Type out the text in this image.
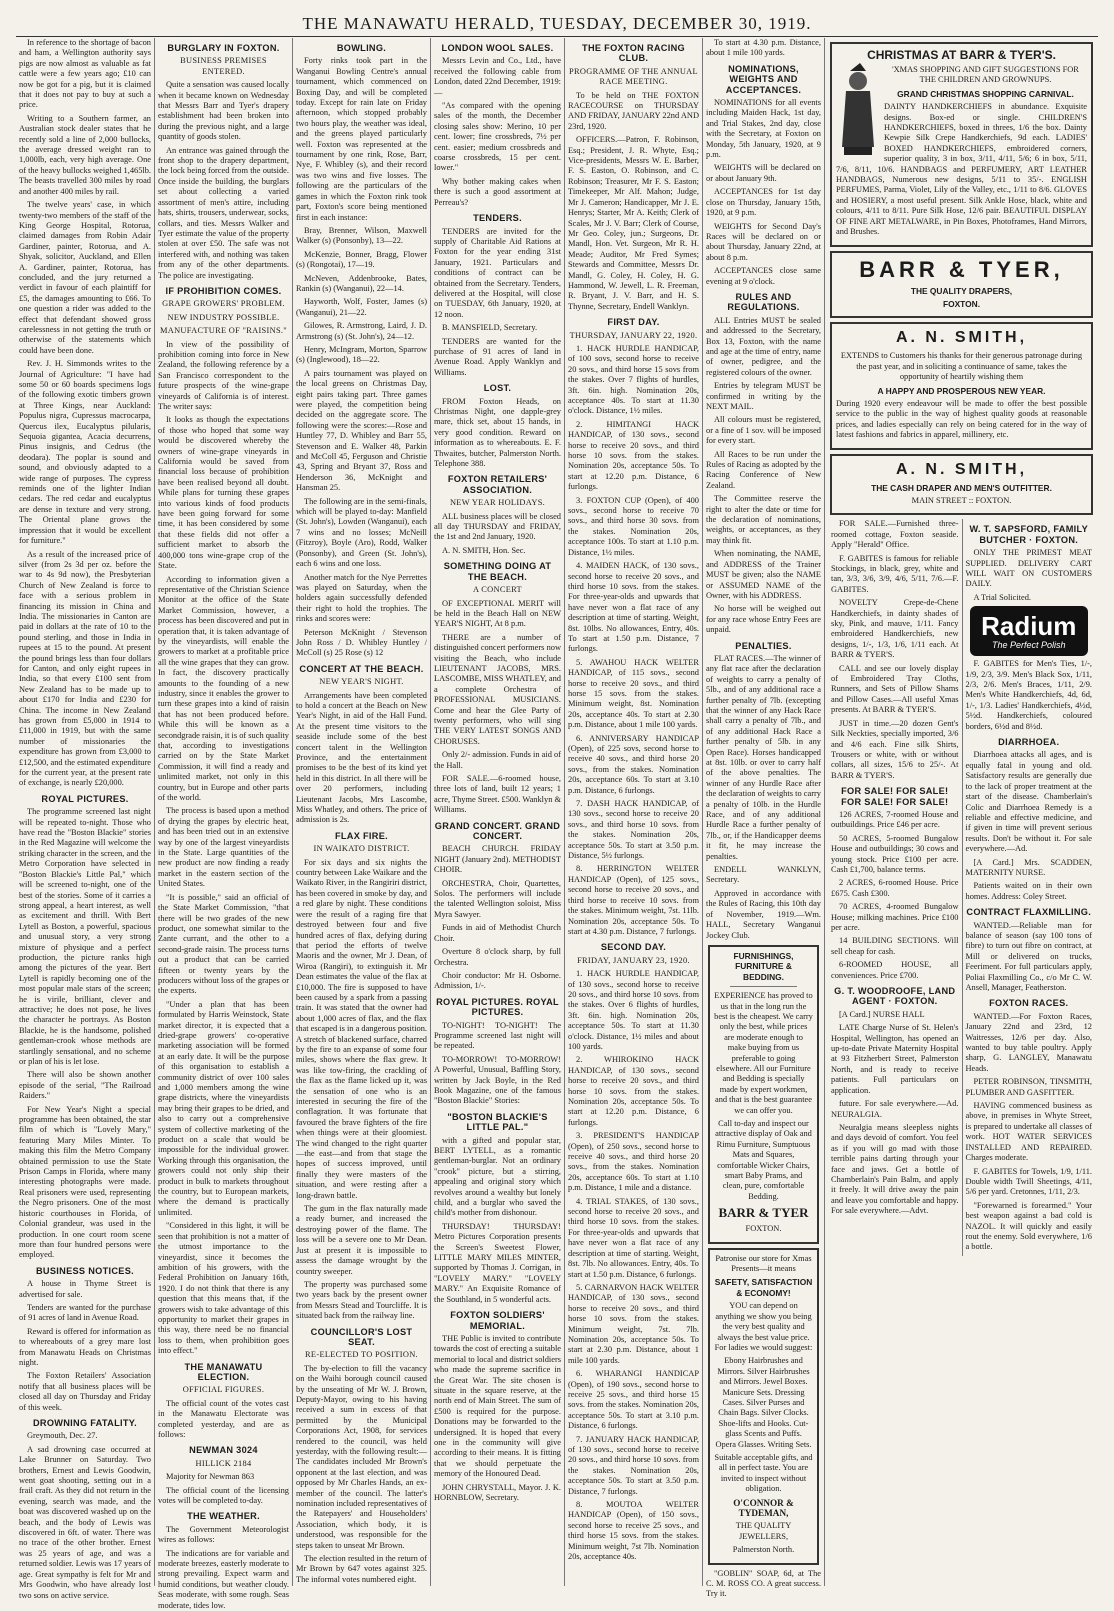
THE MANAWATU HERALD, TUESDAY, DECEMBER 30, 1919.

In reference to the shortage of bacon and ham, a Wellington authority says pigs are now almost as valuable as fat cattle were a few years ago; £10 can now be got for a pig, but it is claimed that it does not pay to buy at such a price.

Writing to a Southern farmer, an Australian stock dealer states that he recently sold a line of 2,000 bullocks, the average dressed weight ran to 1,000lb, each, very high average. One of the heavy bullocks weighed 1,465lb. The beasts travelled 300 miles by road and another 400 miles by rail.

The twelve years' case, in which twenty-two members of the staff of the King George Hospital, Rotorua, claimed damages from Robin Adair Gardiner, painter, Rotorua, and A. Shyak, solicitor, Auckland, and Ellen A. Gardiner, painter, Rotorua, has concluded, and the jury returned a verdict in favour of each plaintiff for £5, the damages amounting to £66. To one question a rider was added to the effect that defendant showed gross carelessness in not getting the truth or otherwise of the statements which could have been done.

Rev. J. H. Simmonds writes to the Journal of Agriculture: "I have had some 50 or 60 boards specimens logs of the following exotic timbers grown at Three Kings, near Auckland: Populus nigra, Cupressus macrocarpa, Quercus ilex, Eucalyptus pilularis, Sequoia gigantea, Acacia decurrens, Pinus insignis, and Cedrus (the deodara). The poplar is sound and sound, and obviously adapted to a wide range of purposes. The cypress reminds one of the lighter Indian cedars. The red cedar and eucalyptus are dense in texture and very strong. The Oriental plane grows the impression that it would be excellent for furniture."

As a result of the increased price of silver (from 2s 3d per oz. before the war to 4s 9d now), the Presbyterian Church of New Zealand is force to face with a serious problem in financing its mission in China and India. The missionaries in Canton are paid in dollars at the rate of 10 to the pound sterling, and those in India in rupees at 15 to the pound. At present the pound brings less than four dollars for Canton, and only eight rupees in India, so that every £100 sent from New Zealand has to be made up to about £170 for India and £230 for China. The income in New Zealand has grown from £5,000 in 1914 to £11,000 in 1919, but with the same number of missionaries the expenditure has grown from £3,000 to £12,500, and the estimated expenditure for the current year, at the present rate of exchange, is nearly £20,000.

ROYAL PICTURES.

The programme screened last night will be repeated to-night. Those who have read the "Boston Blackie" stories in the Red Magazine will welcome the striking character in the screen, and the Metro Corporation have selected in "Boston Blackie's Little Pal," which will be screened to-night, one of the best of the stories. Some of it carries a strong appeal, a heart interest, as well as excitement and thrill. With Bert Lytell as Boston, a powerful, spacious and unusual story, a very strong mixture of physique and a perfect production, the picture ranks high among the pictures of the year. Bert Lytell is rapidly becoming one of the most popular male stars of the screen; he is virile, brilliant, clever and attractive; he does not pose, he lives the character he portrays. As Boston Blackie, he is the handsome, polished gentleman-crook whose methods are startlingly sensational, and no scheme or plan of his is let lose.

There will also be shown another episode of the serial, "The Railroad Raiders."

For New Year's Night a special programme has been obtained, the star film of which is "Lovely Mary," featuring Mary Miles Minter. To making this film the Metro Company obtained permission to use the State Prison Camps in Florida, where many interesting photographs were made. Real prisoners were used, representing the Negro prisoners. One of the most historic courthouses in Florida, of Colonial grandeur, was used in the production. In one court room scene more than four hundred persons were employed.

BUSINESS NOTICES.

A house in Thyme Street is advertised for sale.

Tenders are wanted for the purchase of 91 acres of land in Avenue Road.

Reward is offered for information as to whereabouts of a grey mare lost from Manawatu Heads on Christmas night.

The Foxton Retailers' Association notify that all business places will be closed all day on Thursday and Friday of this week.

DROWNING FATALITY.

Greymouth, Dec. 27.

A sad drowning case occurred at Lake Brunner on Saturday. Two brothers, Ernest and Lewis Goodwin, went goat shooting, setting out in a frail craft. As they did not return in the evening, search was made, and the boat was discovered washed up on the beach, and the body of Lewis was discovered in 6ft. of water. There was no trace of the other brother. Ernest was 25 years of age, and was a returned soldier. Lewis was 17 years of age. Great sympathy is felt for Mr and Mrs Goodwin, who have already lost two sons on active service.

BURGLARY IN FOXTON.
BUSINESS PREMISES ENTERED.

Quite a sensation was caused locally when it became known on Wednesday that Messrs Barr and Tyer's drapery establishment had been broken into during the previous night, and a large quantity of goods stolen.

An entrance was gained through the front shop to the drapery department, the lock being forced from the outside. Once inside the building, the burglars set about collecting a varied assortment of men's attire, including hats, shirts, trousers, underwear, socks, collars, and ties. Messrs Walker and Tyer estimate the value of the property stolen at over £50. The safe was not interfered with, and nothing was taken from any of the other departments. The police are investigating.

IF PROHIBITION COMES.
GRAPE GROWERS' PROBLEM.
NEW INDUSTRY POSSIBLE.
MANUFACTURE OF "RAISINS."

In view of the possibility of prohibition coming into force in New Zealand, the following reference by a San Francisco correspondent to the future prospects of the wine-grape vineyards of California is of interest. The writer says:

It looks as though the expectations of those who hoped that some way would be discovered whereby the owners of wine-grape vineyards in California would be saved from financial loss because of prohibition have been realised beyond all doubt. While plans for turning these grapes into various kinds of food products have been going forward for some time, it has been considered by some that these fields did not offer a sufficient market to absorb the 400,000 tons wine-grape crop of the State.

According to information given a representative of the Christian Science Monitor at the office of the State Market Commission, however, a process has been discovered and put in operation that, it is taken advantage of by the vineyardists, will enable the growers to market at a profitable price all the wine grapes that they can grow. In fact, the discovery practically amounts to the founding of a new industry, since it enables the grower to turn these grapes into a kind of raisin that has not been produced before. While this will be known as a secondgrade raisin, it is of such quality that, according to investigations carried on by the State Market Commission, it will find a ready and unlimited market, not only in this country, but in Europe and other parts of the world.

The process is based upon a method of drying the grapes by electric heat, and has been tried out in an extensive way by one of the largest vineyardists in the State. Large quantities of the new product are now finding a ready market in the eastern section of the United States.

"It is possible," said an official of the State Market Commission, "that there will be two grades of the new product, one somewhat similar to the Zante currant, and the other to a second-grade raisin. The process turns out a product that can be carried fifteen or twenty years by the producers without loss of the grapes or the experts.

"Under a plan that has been formulated by Harris Weinstock, State market director, it is expected that a dried-grape growers' co-operative marketing association will be formed at an early date. It will be the purpose of this organisation to establish a community district of over 100 sales and 1,000 members among the wine grape districts, where the vineyardists may bring their grapes to be dried, and also to carry out a comprehensive system of collective marketing of the product on a scale that would be impossible for the individual grower. Working through this organisation, the growers could not only ship their product in bulk to markets throughout the country, but to European markets, where the demand is practically unlimited.

"Considered in this light, it will be seen that prohibition is not a matter of the utmost importance to the vineyardist, since it becomes the ambition of his growers, with the Federal Prohibition on January 16th, 1920. I do not think that there is any question that this means that, if the growers wish to take advantage of this opportunity to market their grapes in this way, there need be no financial loss to them, when prohibition goes into effect."

THE MANAWATU ELECTION.
OFFICIAL FIGURES.

The official count of the votes cast in the Manawatu Electorate was completed yesterday, and are as follows:

NEWMAN 3024
HILLICK 2184

Majority for Newman 863

The official count of the licensing votes will be completed to-day.

THE WEATHER.

The Government Meteorologist wires as follows:

The indications are for variable and moderate breezes, easterly moderate to strong prevailing. Expect warm and humid conditions, but weather cloudy. Seas moderate, with some rough. Seas moderate, tides low.

BOWLING.

Forty rinks took part in the Wanganui Bowling Centre's annual tournament, which commenced on Boxing Day, and will be completed today. Except for rain late on Friday afternoon, which stopped probably two hours play, the weather was ideal, and the greens played particularly well. Foxton was represented at the tournament by one rink, Rose, Barr, Nye, F. Whibley (s), and their record was two wins and five losses. The following are the particulars of the games in which the Foxton rink took part, Foxton's score being mentioned first in each instance:

Bray, Brenner, Wilson, Maxwell Walker (s) (Ponsonby), 13—22.

McKenzie, Bonner, Bragg, Flower (s) (Rongotai), 17—19.

McNeven, Addenbrooke, Bates, Rankin (s) (Wanganui), 22—14.

Hayworth, Wolf, Foster, James (s) (Wanganui), 21—22.

Gilowes, R. Armstrong, Laird, J. D. Armstrong (s) (St. John's), 24—12.

Henry, McIngram, Morton, Sparrow (s) (Inglewood), 18—22.

A pairs tournament was played on the local greens on Christmas Day, eight pairs taking part. Three games were played, the competition being decided on the aggregate score. The following were the scores:—Rose and Huntley 77, D. Whibley and Barr 55, Stevenson and E. Walker 48, Parkin and McColl 45, Ferguson and Christie 43, Spring and Bryant 37, Ross and Henderson 36, McKnight and Hansman 25.

The following are in the semi-finals, which will be played to-day: Manfield (St. John's), Lowden (Wanganui), each 7 wins and no losses; McNeill (Fitzroy), Boyle (Aro), Rodd, Walker (Ponsonby), and Green (St. John's), each 6 wins and one loss.

Another match for the Nye Perrettes was played on Saturday, when the holders again successfully defended their right to hold the trophies. The rinks and scores were:

Peterson McKnight / Stevenson John Ross / D. Whibley Huntley / McColl (s) 25 Rose (s) 12

CONCERT AT THE BEACH.
NEW YEAR'S NIGHT.

Arrangements have been completed to hold a concert at the Beach on New Year's Night, in aid of the Hall Fund. At the present time visitors to the seaside include some of the best concert talent in the Wellington Province, and the entertainment promises to be the best of its kind yet held in this district. In all there will be over 20 performers, including Lieutenant Jacobs, Mrs Lascombe, Miss Whatley, and others. The price of admission is 2s.

FLAX FIRE.
IN WAIKATO DISTRICT.

For six days and six nights the country between Lake Waikare and the Waikato River, in the Rangiriri district, has been covered in smoke by day, and a red glare by night. These conditions were the result of a raging fire that destroyed between four and five hundred acres of flax, defying during that period the efforts of twelve Maoris and the owner, Mr J. Dean, of Wiroa (Rangiri), to extinguish it. Mr Dean estimates the value of the flax at £10,000. The fire is supposed to have been caused by a spark from a passing train. It was stated that the owner had about 1,000 acres of flax, and the flax that escaped is in a dangerous position. A stretch of blackened surface, charred by the fire to an expanse of some four miles, shows where the flax grew. It was like tow-firing, the crackling of the flax as the flame licked up it, was the sensation of one who is an interested in securing the fire of the conflagration. It was fortunate that favoured the brave fighters of the fire when things were at their gloomiest. The wind changed to the right quarter—the east—and from that stage the hopes of success improved, until finally they were masters of the situation, and were resting after a long-drawn battle.

The gum in the flax naturally made a ready burner, and increased the destroying power of the flame. The loss will be a severe one to Mr Dean. Just at present it is impossible to assess the damage wrought by the country sweeper.

The property was purchased some two years back by the present owner from Messrs Stead and Tourcliffe. It is situated back from the railway line.

COUNCILLOR'S LOST SEAT.
RE-ELECTED TO POSITION.

The by-election to fill the vacancy on the Waihi borough council caused by the unseating of Mr W. J. Brown, Deputy-Mayor, owing to his having received a sum in excess of that permitted by the Municipal Corporations Act, 1908, for services rendered to the council, was held yesterday, with the following result:—The candidates included Mr Brown's opponent at the last election, and was opposed by Mr Charles Hands, an ex-member of the council. The latter's nomination included representatives of the Ratepayers' and Householders' Association, which body, it is understood, was responsible for the steps taken to unseat Mr Brown.

The election resulted in the return of Mr Brown by 647 votes against 325. The informal votes numbered eight.

LONDON WOOL SALES.

Messrs Levin and Co., Ltd., have received the following cable from London, dated 22nd December, 1919:—

"As compared with the opening sales of the month, the December closing sales show: Merino, 10 per cent. lower; fine crossbreds, 7½ per cent. easier; medium crossbreds and coarse crossbreds, 15 per cent. lower."

Why bother making cakes when there is such a good assortment at Perreau's?

TENDERS.

TENDERS are invited for the supply of Charitable Aid Rations at Foxton for the year ending 31st January, 1921. Particulars and conditions of contract can be obtained from the Secretary. Tenders, delivered at the Hospital, will close on TUESDAY, 6th January, 1920, at 12 noon.

B. MANSFIELD, Secretary.

TENDERS are wanted for the purchase of 91 acres of land in Avenue Road. Apply Wanklyn and Williams.

LOST.

FROM Foxton Heads, on Christmas Night, one dapple-grey mare, thick set, about 15 hands, in very good condition. Reward on information as to whereabouts. E. F. Thwaites, butcher, Palmerston North. Telephone 388.

FOXTON RETAILERS' ASSOCIATION.
NEW YEAR HOLIDAYS.

ALL business places will be closed all day THURSDAY and FRIDAY, the 1st and 2nd January, 1920.

A. N. SMITH, Hon. Sec.

SOMETHING DOING AT THE BEACH.
A CONCERT

OF EXCEPTIONAL MERIT will be held in the Beach Hall on NEW YEAR'S NIGHT, At 8 p.m.

THERE are a number of distinguished concert performers now visiting the Beach, who include LIEUTENANT JACOBS, MRS. LASCOMBE, MISS WHATLEY, and a complete Orchestra of PROFESSIONAL MUSICIANS. Come and hear the Glee Party of twenty performers, who will sing THE VERY LATEST SONGS AND CHORUSES.

Only 2/- admission. Funds in aid of the Hall.

FOR SALE.—6-roomed house, three lots of land, built 12 years; 1 acre, Thyme Street. £500. Wanklyn & Williams.

GRAND CONCERT. GRAND CONCERT.

BEACH CHURCH. FRIDAY NIGHT (January 2nd). METHODIST CHOIR.

ORCHESTRA, Choir, Quartettes, Solos. The performers will include the talented Wellington soloist, Miss Myra Sawyer.

Funds in aid of Methodist Church Choir.

Overture 8 o'clock sharp, by full Orchestra.

Choir conductor: Mr H. Osborne. Admission, 1/-.

ROYAL PICTURES. ROYAL PICTURES.

TO-NIGHT! TO-NIGHT! The Programme screened last night will be repeated.

TO-MORROW! TO-MORROW! A Powerful, Unusual, Baffling Story, written by Jack Boyle, in the Red Book Magazine, one of the famous "Boston Blackie" Stories:

"BOSTON BLACKIE'S LITTLE PAL."

with a gifted and popular star, BERT LYTELL, as a romantic gentleman-burglar. Not an ordinary "crook" picture, but a stirring, appealing and original story which revolves around a wealthy but lonely child, and a burglar who saved the child's mother from dishonour.

THURSDAY! THURSDAY! Metro Pictures Corporation presents the Screen's Sweetest Flower, LITTLE MARY MILES MINTER, supported by Thomas J. Corrigan, in "LOVELY MARY." "LOVELY MARY." An Exquisite Romance of the Southland, in 5 wonderful acts.

FOXTON SOLDIERS' MEMORIAL.

THE Public is invited to contribute towards the cost of erecting a suitable memorial to local and district soldiers who made the supreme sacrifice in the Great War. The site chosen is situate in the square reserve, at the north end of Main Street. The sum of £500 is required for the purpose. Donations may be forwarded to the undersigned. It is hoped that every one in the community will give according to their means. It is fitting that we should perpetuate the memory of the Honoured Dead.

JOHN CHRYSTALL, Mayor. J. K. HORNBLOW, Secretary.

THE FOXTON RACING CLUB.
PROGRAMME OF THE ANNUAL RACE MEETING.

To be held on THE FOXTON RACECOURSE on THURSDAY AND FRIDAY, JANUARY 22nd AND 23rd, 1920.

OFFICERS.—Patron, F. Robinson, Esq.; President, J. R. Whyte, Esq.; Vice-presidents, Messrs W. E. Barber, F. S. Easton, O. Robinson, and C. Robinson; Treasurer, Mr F. S. Easton; Timekeeper, Mr Alf. Mahon; Judge, Mr J. Cameron; Handicapper, Mr J. E. Henrys; Starter, Mr A. Keith; Clerk of Scales, Mr J. V. Barr; Clerk of Course, Mr Geo. Coley, jun.; Surgeons, Dr. Mandl, Hon. Vet. Surgeon, Mr R. H. Meade; Auditor, Mr Fred Symes; Stewards and Committee, Messrs Dr. Mandl, G. Coley, H. Coley, H. G. Hammond, W. Jewell, L. R. Freeman, R. Bryant, J. V. Barr, and H. S. Thynne, Secretary, Endell Wanklyn.

FIRST DAY.
THURSDAY, JANUARY 22, 1920.

1. HACK HURDLE HANDICAP, of 100 sovs, second horse to receive 20 sovs., and third horse 15 sovs from the stakes. Over 7 flights of hurdles, 3ft. 6in. high. Nomination 20s, acceptance 40s. To start at 11.30 o'clock. Distance, 1½ miles.

2. HIMITANGI HACK HANDICAP, of 130 sovs., second horse to receive 20 sovs., and third horse 10 sovs. from the stakes. Nomination 20s, acceptance 50s. To start at 12.20 p.m. Distance, 6 furlongs.

3. FOXTON CUP (Open), of 400 sovs., second horse to receive 70 sovs., and third horse 30 sovs. from the stakes. Nomination 20s, acceptance 100s. To start at 1.10 p.m. Distance, 1½ miles.

4. MAIDEN HACK, of 130 sovs., second horse to receive 20 sovs., and third horse 10 sovs. from the stakes. For three-year-olds and upwards that have never won a flat race of any description at time of starting. Weight, 8st. 10lbs. No allowances, Entry, 40s. To start at 1.50 p.m. Distance, 7 furlongs.

5. AWAHOU HACK WELTER HANDICAP, of 115 sovs., second horse to receive 20 sovs., and third horse 15 sovs. from the stakes. Minimum weight, 8st. Nomination 20s, acceptance 40s. To start at 2.30 p.m. Distance, about 1 mile 100 yards.

6. ANNIVERSARY HANDICAP (Open), of 225 sovs, second horse to receive 40 sovs., and third horse 20 sovs., from the stakes. Nomination 20s, acceptance 60s. To start at 3.10 p.m. Distance, 6 furlongs.

7. DASH HACK HANDICAP, of 130 sovs., second horse to receive 20 sovs., and third horse 10 sovs. from the stakes. Nomination 20s, acceptance 50s. To start at 3.50 p.m. Distance, 5½ furlongs.

8. HERRINGTON WELTER HANDICAP (Open), of 125 sovs., second horse to receive 20 sovs., and third horse to receive 10 sovs. from the stakes. Minimum weight, 7st. 11lb. Nomination 20s, acceptance 50s. To start at 4.30 p.m. Distance, 7 furlongs.

SECOND DAY.
FRIDAY, JANUARY 23, 1920.

1. HACK HURDLE HANDICAP, of 130 sovs., second horse to receive 20 sovs., and third horse 10 sovs. from the stakes. Over 6 flights of hurdles, 3ft. 6in. high. Nomination 20s, acceptance 50s. To start at 11.30 o'clock. Distance, 1½ miles and about 100 yards.

2. WHIROKINO HACK HANDICAP, of 130 sovs., second horse to receive 20 sovs., and third horse 10 sovs. from the stakes. Nomination 20s, acceptance 50s. To start at 12.20 p.m. Distance, 6 furlongs.

3. PRESIDENT'S HANDICAP (Open), of 250 sovs., second horse to receive 40 sovs., and third horse 20 sovs., from the stakes. Nomination 20s, acceptance 60s. To start at 1.10 p.m. Distance, 1 mile and a distance.

4. TRIAL STAKES, of 130 sovs., second horse to receive 20 sovs., and third horse 10 sovs. from the stakes. For three-year-olds and upwards that have never won a flat race of any description at time of starting. Weight, 8st. 7lb. No allowances. Entry, 40s. To start at 1.50 p.m. Distance, 6 furlongs.

5. CARNARVON HACK WELTER HANDICAP, of 130 sovs., second horse to receive 20 sovs., and third horse 10 sovs. from the stakes. Minimum weight, 7st. 7lb. Nomination 20s, acceptance 50s. To start at 2.30 p.m. Distance, about 1 mile 100 yards.

6. WHARANGI HANDICAP (Open), of 190 sovs., second horse to receive 25 sovs., and third horse 15 sovs. from the stakes. Nomination 20s, acceptance 50s. To start at 3.10 p.m. Distance, 6 furlongs.

7. JANUARY HACK HANDICAP, of 130 sovs., second horse to receive 20 sovs., and third horse 10 sovs. from the stakes. Nomination 20s, acceptance 50s. To start at 3.50 p.m. Distance, 7 furlongs.

8. MOUTOA WELTER HANDICAP (Open), of 150 sovs., second horse to receive 25 sovs., and third horse 15 sovs. from the stakes. Minimum weight, 7st 7lb. Nomination 20s, acceptance 40s.

To start at 4.30 p.m. Distance, about 1 mile 100 yards.

NOMINATIONS, WEIGHTS AND ACCEPTANCES.

NOMINATIONS for all events including Maiden Hack, 1st day, and Trial Stakes, 2nd day, close with the Secretary, at Foxton on Monday, 5th January, 1920, at 9 p.m.

WEIGHTS will be declared on or about January 9th.

ACCEPTANCES for 1st day close on Thursday, January 15th, 1920, at 9 p.m.

WEIGHTS for Second Day's Races will be declared on or about Thursday, January 22nd, at about 8 p.m.

ACCEPTANCES close same evening at 9 o'clock.

RULES AND REGULATIONS.

ALL Entries MUST be sealed and addressed to the Secretary, Box 13, Foxton, with the name and age at the time of entry, name of owner, pedigree, and the registered colours of the owner.

Entries by telegram MUST be confirmed in writing by the NEXT MAIL.

All colours must be registered, or a fine of 1 sov. will be imposed for every start.

All Races to be run under the Rules of Racing as adopted by the Racing Conference of New Zealand.

The Committee reserve the right to alter the date or time for the declaration of nominations, weights, or acceptances, as they may think fit.

When nominating, the NAME, and ADDRESS of the Trainer MUST be given; also the NAME or ASSUMED NAME of the Owner, with his ADDRESS.

No horse will be weighed out for any race whose Entry Fees are unpaid.

PENALTIES.

FLAT RACES.—The winner of any flat race after the declaration of weights to carry a penalty of 5lb., and of any additional race a further penalty of 7lb. (excepting that the winner of any Hack Race shall carry a penalty of 7lb., and of any additional Hack Race a further penalty of 5lb. in any Open Race). Horses handicapped at 8st. 10lb. or over to carry half of the above penalties. The winner of any Hurdle Race after the declaration of weights to carry a penalty of 10lb. in the Hurdle Race, and of any additional Hurdle Race a further penalty of 7lb., or, if the Handicapper deems it fit, he may increase the penalties.

ENDELL WANKLYN, Secretary.

Approved in accordance with the Rules of Racing, this 10th day of November, 1919.—Wm. HALL, Secretary Wanganui Jockey Club.

FURNISHINGS, FURNITURE & BEDDING.

EXPERIENCE has proved to us that in the long run the best is the cheapest. We carry only the best, while prices are moderate enough to make buying from us preferable to going elsewhere. All our Furniture and Bedding is specially made by expert workmen, and that is the best guarantee we can offer you.

Call to-day and inspect our attractive display of Oak and Rimu Furniture, Sumptuous Mats and Squares, comfortable Wicker Chairs, smart Baby Prams, and clean, pure, comfortable Bedding.

BARR & TYER

FOXTON.

Patronise our store for Xmas Presents—it means

SAFETY, SATISFACTION & ECONOMY!

YOU can depend on anything we show you being the very best quality and always the best value price. For ladies we would suggest:

Ebony Hairbrushes and Mirrors. Silver Hairbrushes and Mirrors. Jewel Boxes. Manicure Sets. Dressing Cases. Silver Purses and Chain Bags. Silver Clocks. Shoe-lifts and Hooks. Cut-glass Scents and Puffs. Opera Glasses. Writing Sets.

Suitable acceptable gifts, and all in perfect taste. You are invited to inspect without obligation.

O'CONNOR & TYDEMAN,

THE QUALITY JEWELLERS,

Palmerston North.

"GOBLIN" SOAP, 6d, at The C. M. ROSS CO. A great success. Try it.

CHRISTMAS AT BARR & TYER'S.

'XMAS SHOPPING AND GIFT SUGGESTIONS FOR THE CHILDREN AND GROWNUPS.

GRAND CHRISTMAS SHOPPING CARNIVAL.

DAINTY HANDKERCHIEFS in abundance. Exquisite designs. Box-ed or single. CHILDREN'S HANDKERCHIEFS, boxed in threes, 1/6 the box. Dainty Kewpie Silk Crepe Handkerchiefs, 9d each. LADIES' BOXED HANDKERCHIEFS, embroidered corners, superior quality, 3 in box, 3/11, 4/11, 5/6; 6 in box, 5/11, 7/6, 8/11, 10/6. HANDBAGS and PERFUMERY, ART LEATHER HANDBAGS, Numerous new designs, 5/11 to 35/-. ENGLISH PERFUMES, Parma, Violet, Lily of the Valley, etc., 1/11 to 8/6. GLOVES and HOSIERY, a most useful present. Silk Ankle Hose, black, white and colours, 4/11 to 8/11. Pure Silk Hose, 12/6 pair. BEAUTIFUL DISPLAY OF FINE ART METALWARE, in Pin Boxes, Photoframes, Hand Mirrors, and Brushes.

BARR & TYER,

THE QUALITY DRAPERS,

FOXTON.

A. N. SMITH,

EXTENDS to Customers his thanks for their generous patronage during the past year, and in soliciting a continuance of same, takes the opportunity of heartily wishing them

A HAPPY AND PROSPEROUS NEW YEAR.

During 1920 every endeavour will be made to offer the best possible service to the public in the way of highest quality goods at reasonable prices, and ladies especially can rely on being catered for in the way of latest fashions and fabrics in apparel, millinery, etc.

A. N. SMITH,

THE CASH DRAPER AND MEN'S OUTFITTER.

MAIN STREET :: FOXTON.

FOR SALE.—Furnished three-roomed cottage, Foxton seaside. Apply "Herald" Office.

F. GABITES is famous for reliable Stockings, in black, grey, white and tan, 3/3, 3/6, 3/9, 4/6, 5/11, 7/6.—F. GABITES.

NOVELTY Crepe-de-Chene Handkerchiefs, in dainty shades of sky, Pink, and mauve, 1/11. Fancy embroidered Handkerchiefs, new designs, 1/-, 1/3, 1/6, 1/11 each. At BARR & TYER'S.

CALL and see our lovely display of Embroidered Tray Cloths, Runners, and Sets of Pillow Shams and Pillow Cases.—All useful Xmas presents. At BARR & TYER'S.

JUST in time.—20 dozen Gent's Silk Neckties, specially imported, 3/6 and 4/6 each. Fine silk Shirts, Trousers or white, with or without collars, all sizes, 15/6 to 25/-. At BARR & TYER'S.

FOR SALE! FOR SALE! FOR SALE! FOR SALE!

126 ACRES, 7-roomed House and outbuildings. Price £46 per acre.

50 ACRES, 5-roomed Bungalow House and outbuildings; 30 cows and young stock. Price £100 per acre. Cash £1,700, balance terms.

2 ACRES, 6-roomed House. Price £675. Cash £300.

70 ACRES, 4-roomed Bungalow House; milking machines. Price £100 per acre.

14 BUILDING SECTIONS. Will sell cheap for cash.

6-ROOMED HOUSE, all conveniences. Price £700.

G. T. WOODROOFE, LAND AGENT · FOXTON.

[A Card.] NURSE HALL

LATE Charge Nurse of St. Helen's Hospital, Wellington, has opened an up-to-date Private Maternity Hospital at 93 Fitzherbert Street, Palmerston North, and is ready to receive patients. Full particulars on application.

future. For sale everywhere.—Ad. NEURALGIA.

Neuralgia means sleepless nights and days devoid of comfort. You feel as if you will go mad with those terrible pains darting through your face and jaws. Get a bottle of Chamberlain's Pain Balm, and apply it freely. It will drive away the pain and leave you comfortable and happy. For sale everywhere.—Advt.

W. T. SAPSFORD, FAMILY BUTCHER · FOXTON.

ONLY THE PRIMEST MEAT SUPPLIED. DELIVERY CART WILL WAIT ON CUSTOMERS DAILY.

A Trial Solicited.

Radium
The Perfect Polish

F. GABITES for Men's Ties, 1/-, 1/9, 2/3, 3/9. Men's Black Sox, 1/11, 2/3, 2/6. Men's Braces, 1/11, 2/9. Men's White Handkerchiefs, 4d, 6d, 1/-, 1/3. Ladies' Handkerchiefs, 4½d, 5½d. Handkerchiefs, coloured borders, 6½d and 8½d.

DIARRHOEA.

Diarrhoea attacks all ages, and is equally fatal in young and old. Satisfactory results are generally due to the lack of proper treatment at the start of the disease. Chamberlain's Colic and Diarrhoea Remedy is a reliable and effective medicine, and if given in time will prevent serious results. Don't be without it. For sale everywhere.—Ad.

[A Card.] Mrs. SCADDEN, MATERNITY NURSE.

Patients waited on in their own homes. Address: Coley Street.

CONTRACT FLAXMILLING.

WANTED.—Reliable man for balance of season (say 100 tons of fibre) to turn out fibre on contract, at Mill or delivered on trucks, Feeriment. For full particulars apply, Poliai Flaxmilling Co., c/o Mr C. W. Ansell, Manager, Featherston.

FOXTON RACES.

WANTED.—For Foxton Races, January 22nd and 23rd, 12 Waitresses, 12/6 per day. Also, wanted to buy table poultry. Apply sharp, G. LANGLEY, Manawatu Heads.

PETER ROBINSON, TINSMITH, PLUMBER AND GASFITTER.

HAVING commenced business as above, in premises in Whyte Street, is prepared to undertake all classes of work. HOT WATER SERVICES INSTALLED AND REPAIRED. Charges moderate.

F. GABITES for Towels, 1/9, 1/11. Double width Twill Sheetings, 4/11, 5/6 per yard. Cretonnes, 1/11, 2/3.

"Forewarned is forearmed." Your best weapon against a bad cold is NAZOL. It will quickly and easily rout the enemy. Sold everywhere, 1/6 a bottle.
